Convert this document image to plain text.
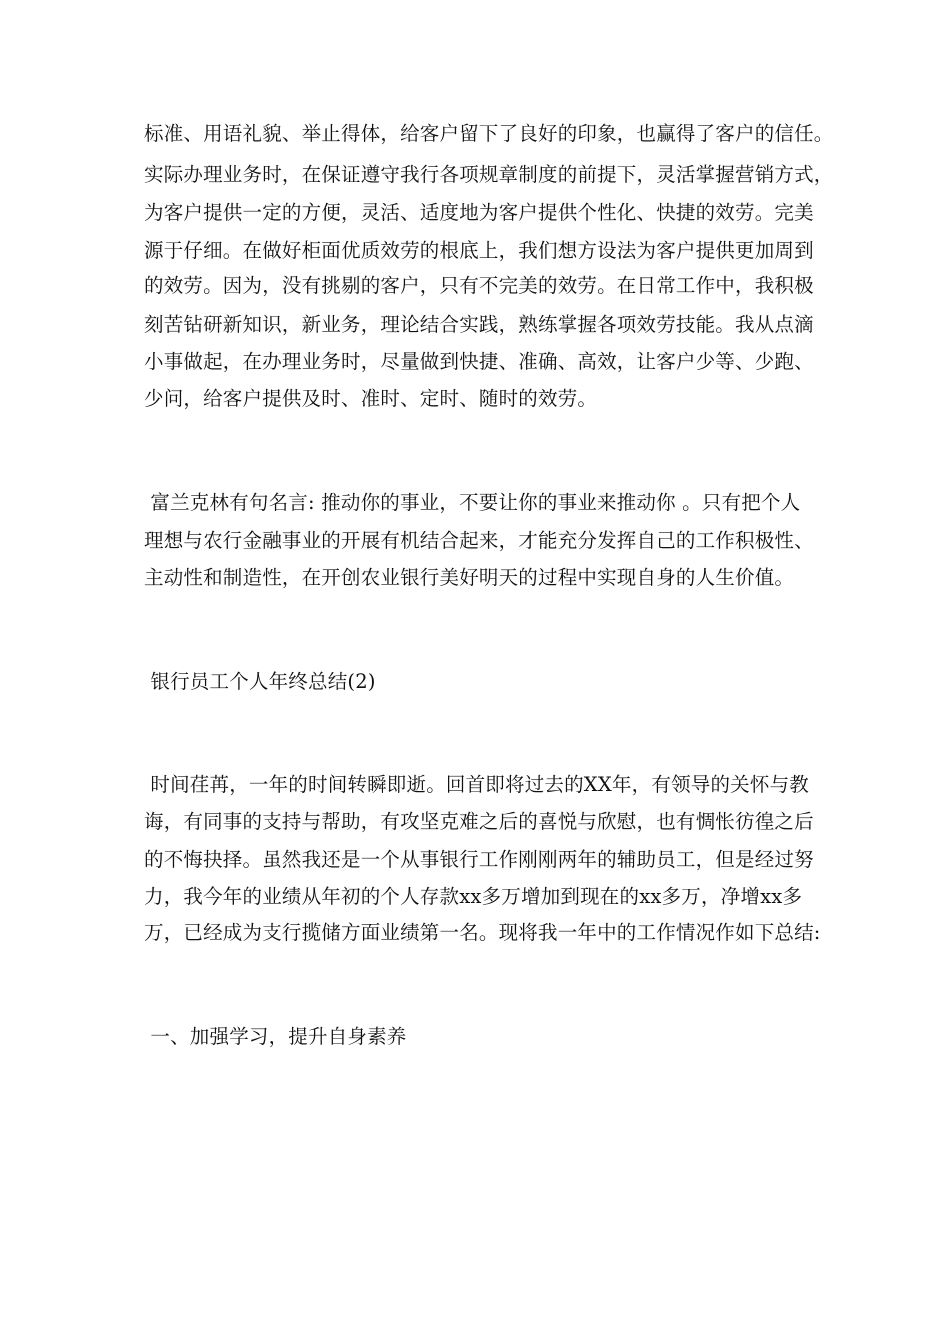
标准、用语礼貌、举止得体，给客户留下了良好的印象，也赢得了客户的信任。
实际办理业务时，在保证遵守我行各项规章制度的前提下，灵活掌握营销方式，
为客户提供一定的方便，灵活、适度地为客户提供个性化、快捷的效劳。完美
源于仔细。在做好柜面优质效劳的根底上，我们想方设法为客户提供更加周到
的效劳。因为，没有挑剔的客户，只有不完美的效劳。在日常工作中，我积极
刻苦钻研新知识，新业务，理论结合实践，熟练掌握各项效劳技能。我从点滴
小事做起，在办理业务时，尽量做到快捷、准确、高效，让客户少等、少跑、
少问，给客户提供及时、准时、定时、随时的效劳。
富兰克林有句名言: 推动你的事业，不要让你的事业来推动你 。只有把个人
理想与农行金融事业的开展有机结合起来，才能充分发挥自己的工作积极性、
主动性和制造性，在开创农业银行美好明天的过程中实现自身的人生价值。
银行员工个人年终总结(2)
时间荏苒，一年的时间转瞬即逝。回首即将过去的XX年，有领导的关怀与教
诲，有同事的支持与帮助，有攻坚克难之后的喜悦与欣慰，也有惆怅彷徨之后
的不悔抉择。虽然我还是一个从事银行工作刚刚两年的辅助员工，但是经过努
力，我今年的业绩从年初的个人存款xx多万增加到现在的xx多万，净增xx多
万，已经成为支行揽储方面业绩第一名。现将我一年中的工作情况作如下总结:
一、加强学习，提升自身素养
